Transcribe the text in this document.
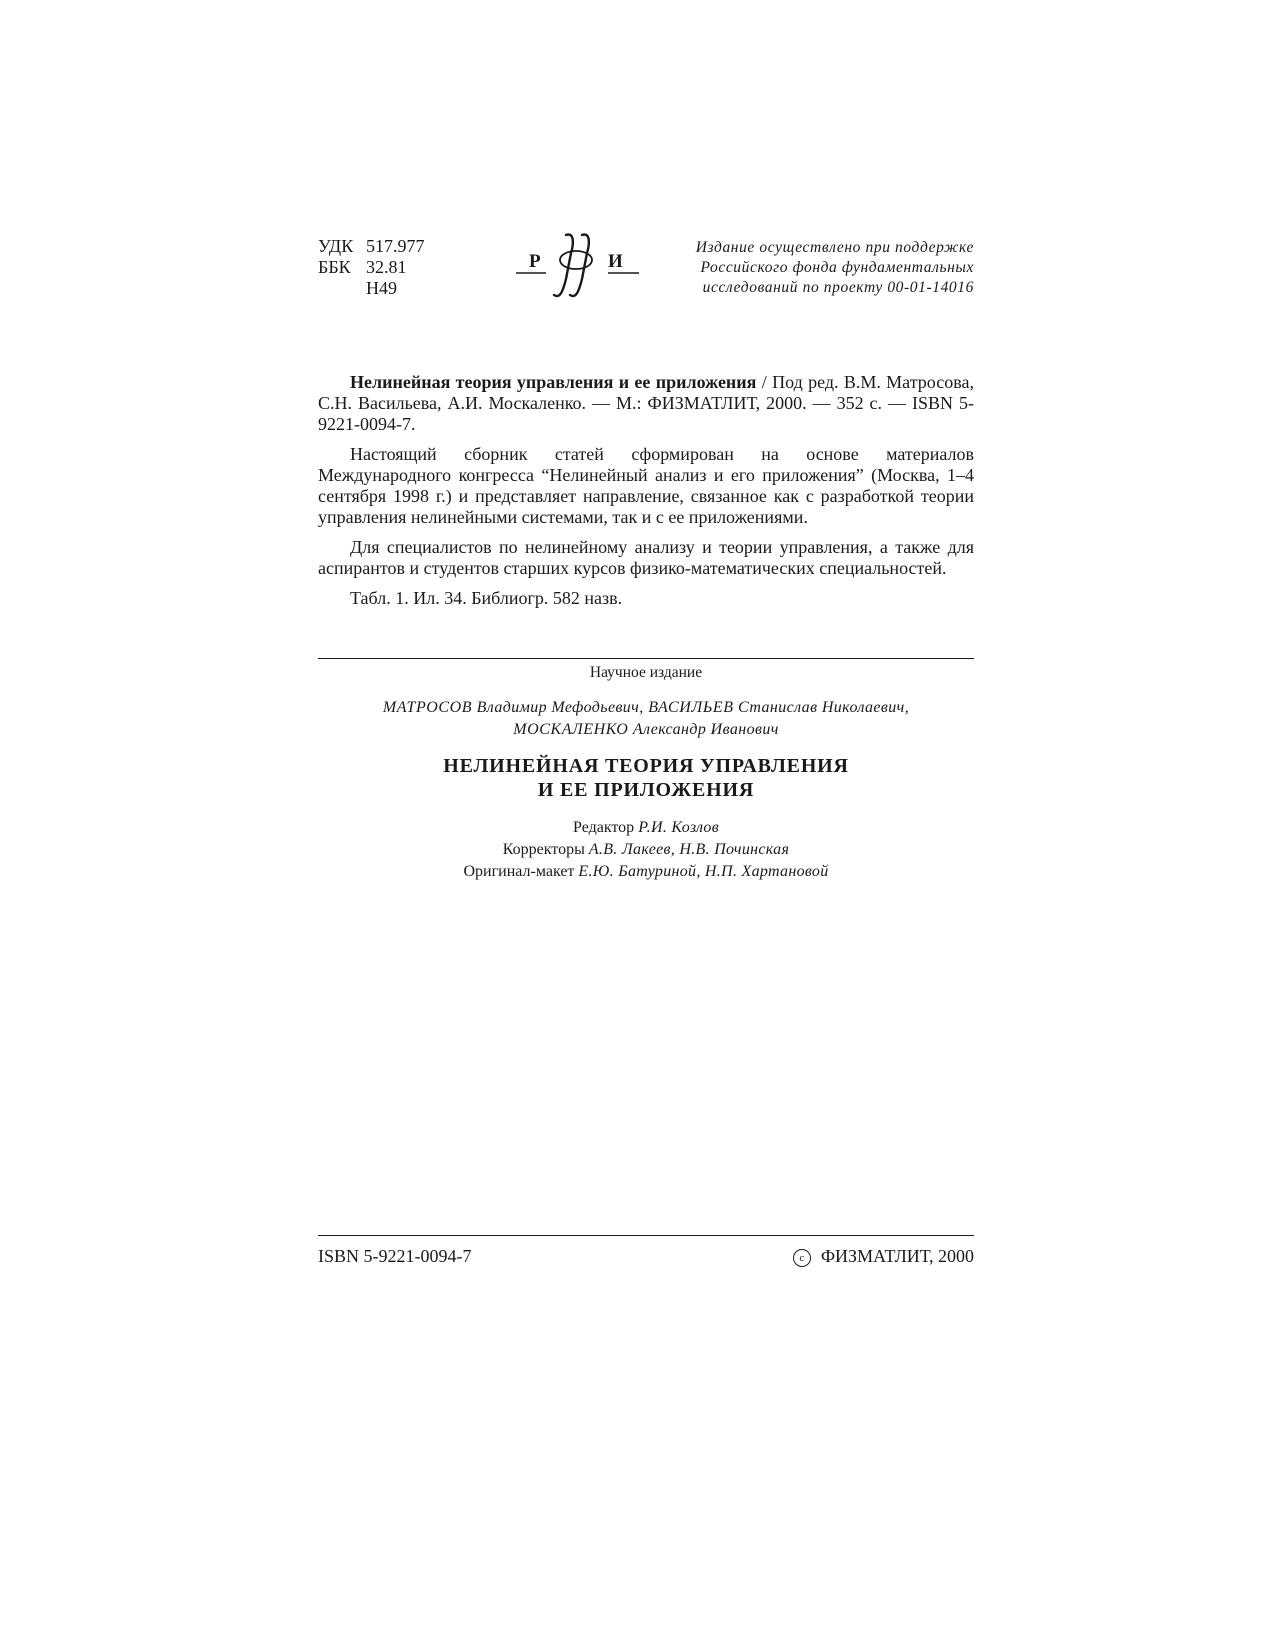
УДК 517.977
ББК 32.81
Н49
Р	И
Издание осуществлено при поддержке
Российского фонда фундаментальных
исследований по проекту 00-01-14016

Нелинейная теория управления и ее приложения / Под ред. В.М. Матросова, С.Н. Васильева, А.И. Москаленко. — М.: ФИЗМАТЛИТ, 2000. — 352 с. — ISBN 5-9221-0094-7.

Настоящий сборник статей сформирован на основе материалов Международного конгресса “Нелинейный анализ и его приложения” (Москва, 1–4 сентября 1998 г.) и представляет направление, связанное как с разработкой теории управления нелинейными системами, так и с ее приложениями.

Для специалистов по нелинейному анализу и теории управления, а также для аспирантов и студентов старших курсов физико-математических специальностей.

Табл. 1. Ил. 34. Библиогр. 582 назв.

Научное издание
МАТРОСОВ Владимир Мефодьевич, ВАСИЛЬЕВ Станислав Николаевич,
МОСКАЛЕНКО Александр Иванович
НЕЛИНЕЙНАЯ ТЕОРИЯ УПРАВЛЕНИЯ
И ЕЕ ПРИЛОЖЕНИЯ
Редактор Р.И. Козлов
Корректоры А.В. Лакеев, Н.В. Починская
Оригинал-макет Е.Ю. Батуриной, Н.П. Хартановой
ISBN 5-9221-0094-7	c ФИЗМАТЛИТ, 2000
